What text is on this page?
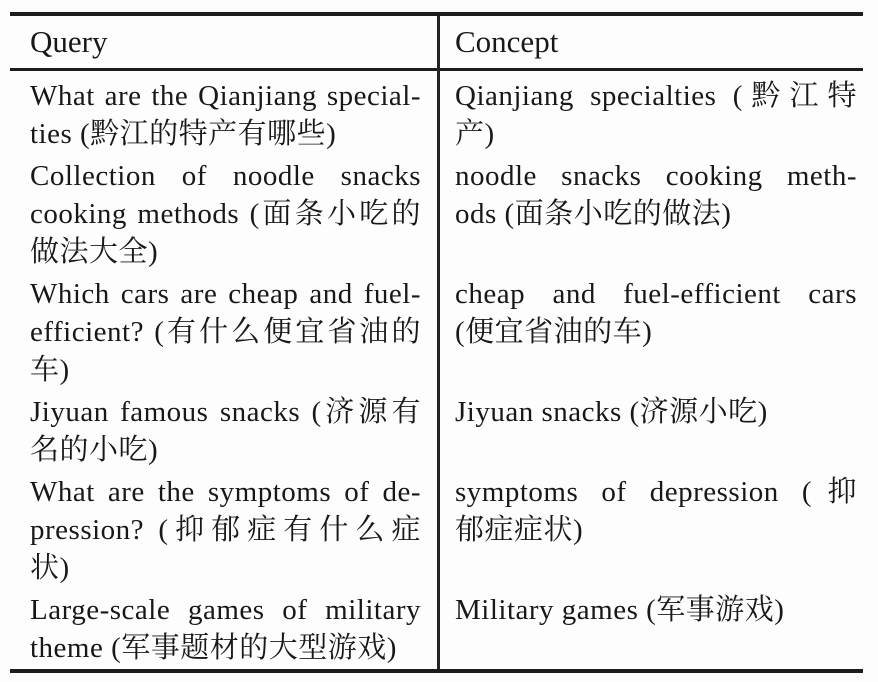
Query	Concept
What are the Qianjiang special-
ties (黔江的特产有哪些)
Qianjiang specialties (黔江特
产)
Collection of noodle snacks
cooking methods (面条小吃的
做法大全)
noodle snacks cooking meth-
ods (面条小吃的做法)
Which cars are cheap and fuel-
efficient? (有什么便宜省油的
车)
cheap and fuel-efficient cars
(便宜省油的车)
Jiyuan famous snacks (济源有
名的小吃)
Jiyuan snacks (济源小吃)
What are the symptoms of de-
pression? (抑郁症有什么症
状)
symptoms of depression (抑
郁症症状)
Large-scale games of military
theme (军事题材的大型游戏)
Military games (军事游戏)
